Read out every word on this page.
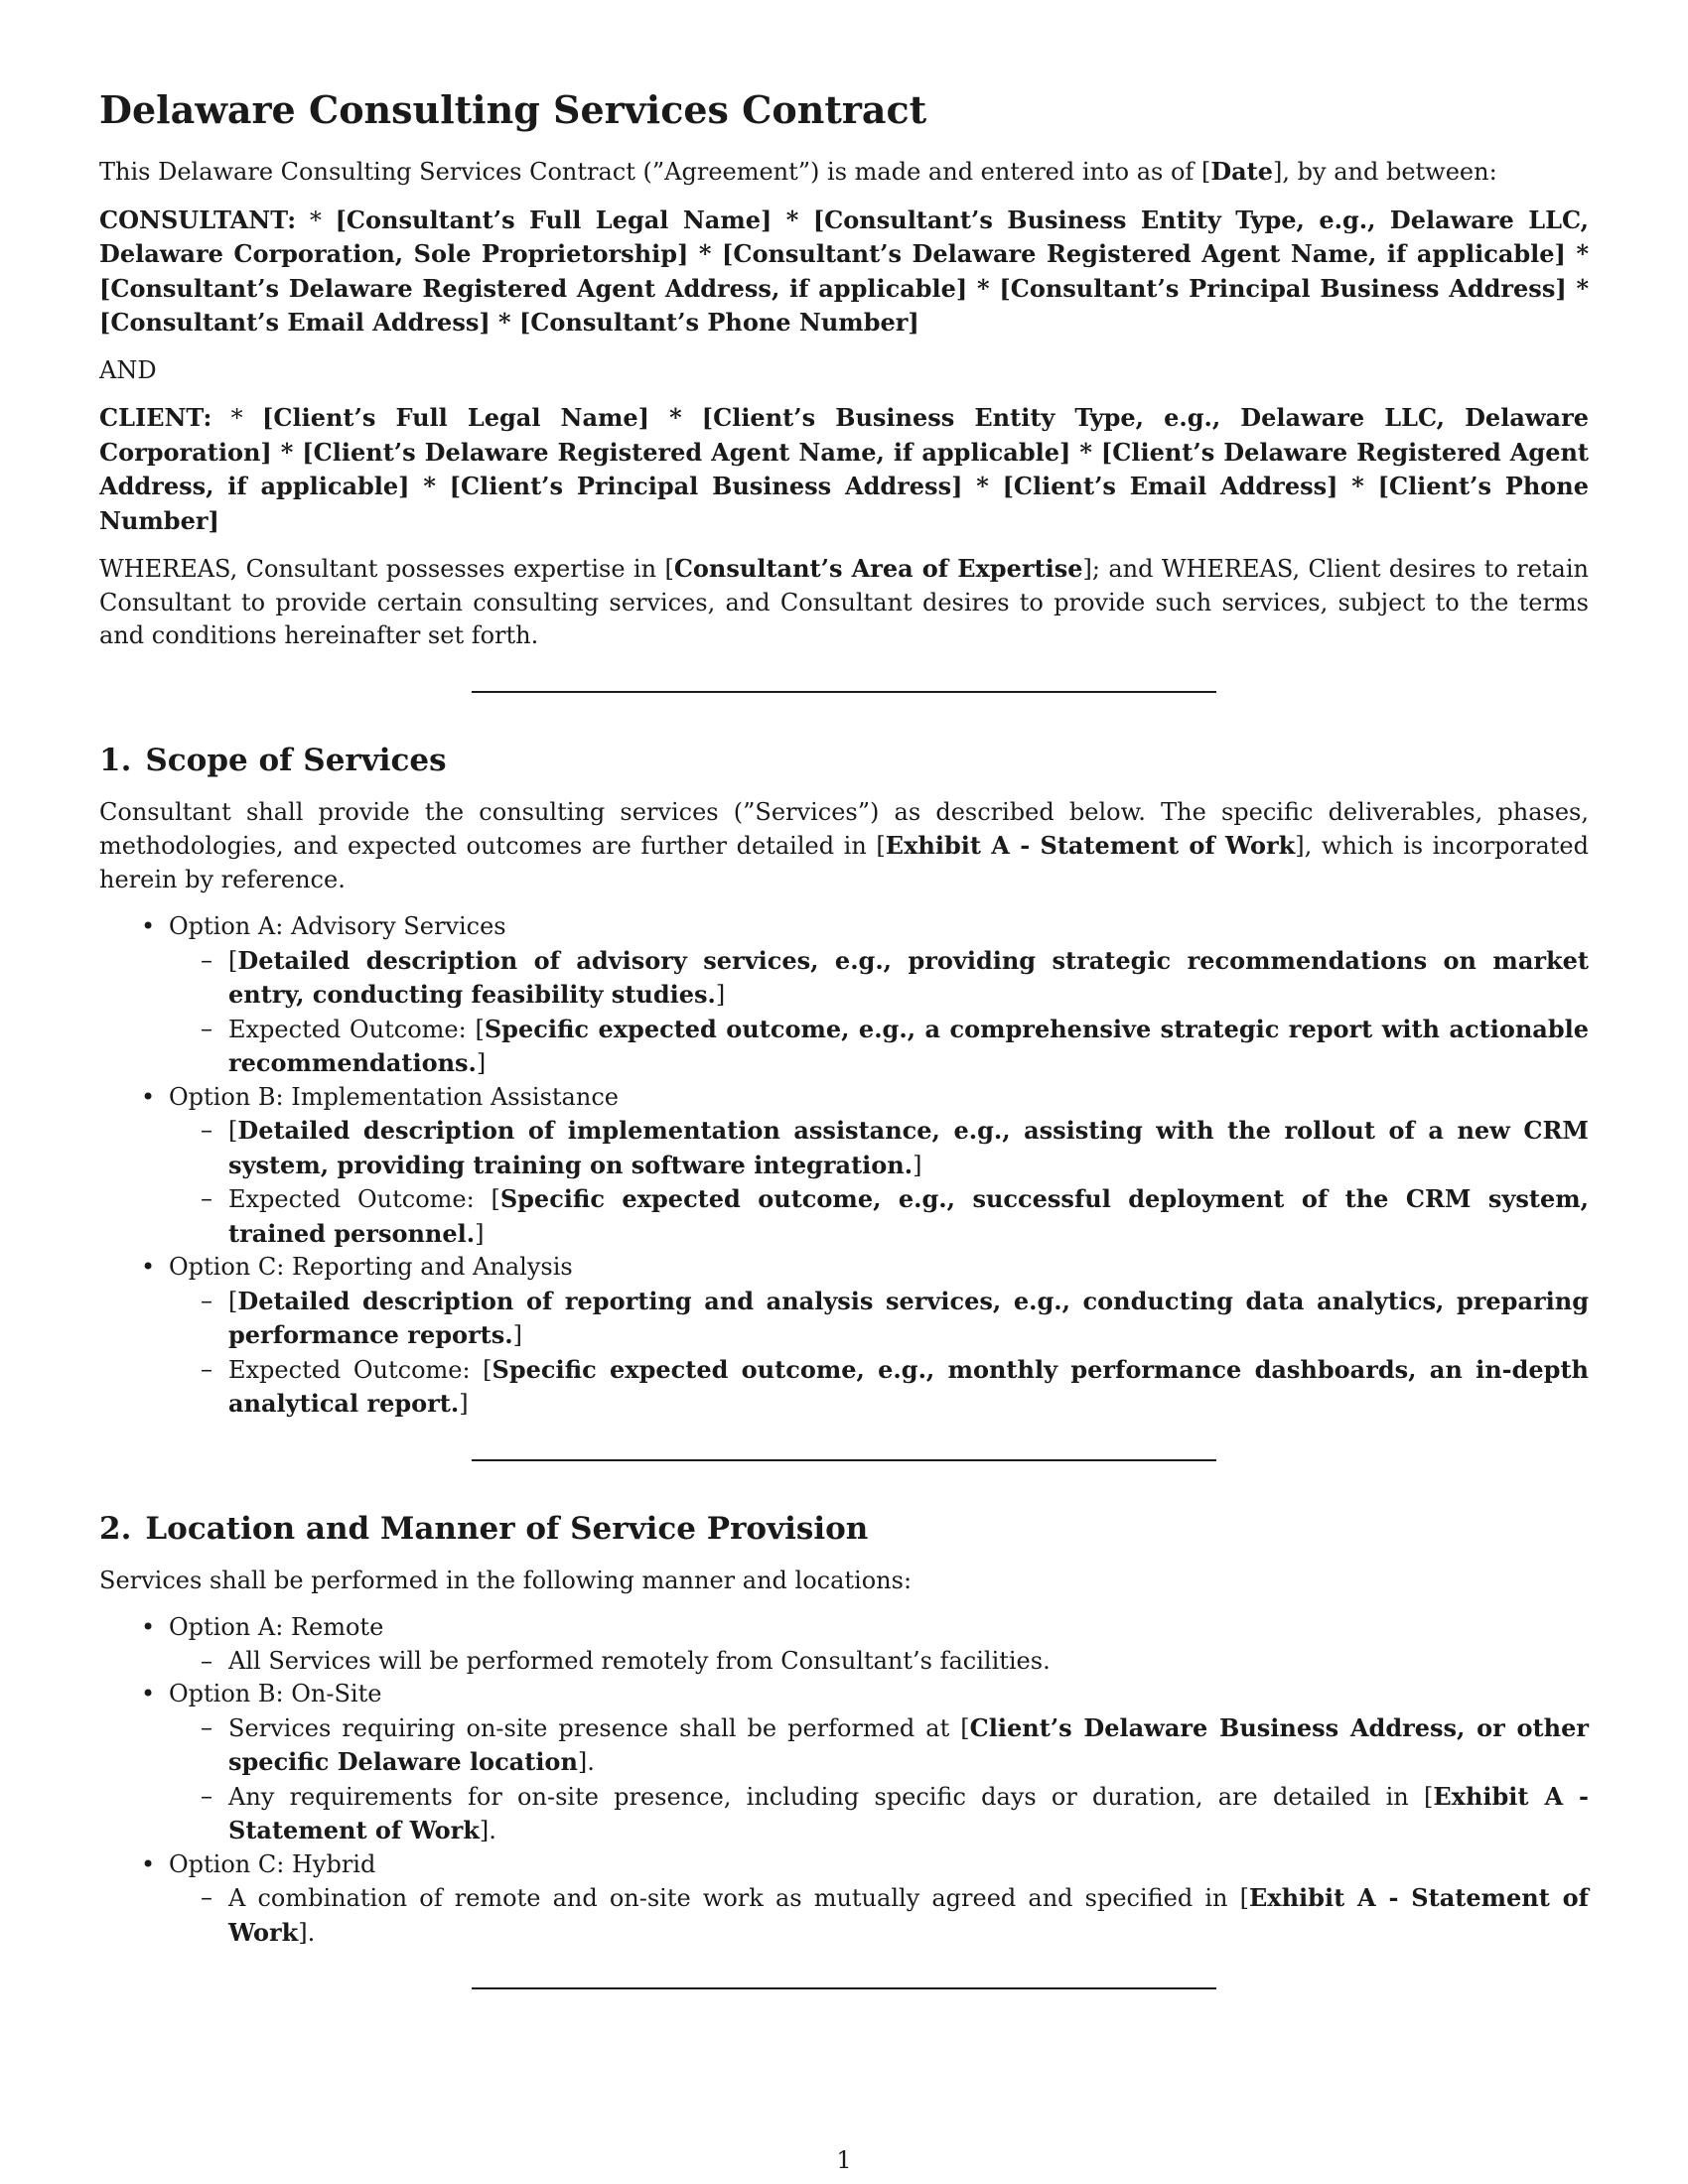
Delaware Consulting Services Contract

This Delaware Consulting Services Contract (”Agreement”) is made and entered into as of [Date], by and between:

CONSULTANT: * [Consultant’s Full Legal Name] * [Consultant’s Business Entity Type, e.g., Delaware LLC, Delaware Corporation, Sole Proprietorship] * [Consultant’s Delaware Registered Agent Name, if applicable] * [Consultant’s Delaware Registered Agent Address, if applicable] * [Consultant’s Principal Business Address] * [Consultant’s Email Address] * [Consultant’s Phone Number]

AND

CLIENT: * [Client’s Full Legal Name] * [Client’s Business Entity Type, e.g., Delaware LLC, Delaware Corporation] * [Client’s Delaware Registered Agent Name, if applicable] * [Client’s Delaware Registered Agent Address, if applicable] * [Client’s Principal Business Address] * [Client’s Email Address] * [Client’s Phone Number]

WHEREAS, Consultant possesses expertise in [Consultant’s Area of Expertise]; and WHEREAS, Client desires to retain Consultant to provide certain consulting services, and Consultant desires to provide such services, subject to the terms and conditions hereinafter set forth.

1. Scope of Services

Consultant shall provide the consulting services (”Services”) as described below. The specific deliverables, phases, methodologies, and expected outcomes are further detailed in [Exhibit A - Statement of Work], which is incorporated herein by reference.

• Option A: Advisory Services
– [Detailed description of advisory services, e.g., providing strategic recommendations on market entry, conducting feasibility studies.]
– Expected Outcome: [Specific expected outcome, e.g., a comprehensive strategic report with actionable recommendations.]
• Option B: Implementation Assistance
– [Detailed description of implementation assistance, e.g., assisting with the rollout of a new CRM system, providing training on software integration.]
– Expected Outcome: [Specific expected outcome, e.g., successful deployment of the CRM system, trained personnel.]
• Option C: Reporting and Analysis
– [Detailed description of reporting and analysis services, e.g., conducting data analytics, preparing performance reports.]
– Expected Outcome: [Specific expected outcome, e.g., monthly performance dashboards, an in-depth analytical report.]
2. Location and Manner of Service Provision

Services shall be performed in the following manner and locations:

• Option A: Remote
– All Services will be performed remotely from Consultant’s facilities.
• Option B: On-Site
– Services requiring on-site presence shall be performed at [Client’s Delaware Business Address, or other specific Delaware location].
– Any requirements for on-site presence, including specific days or duration, are detailed in [Exhibit A - Statement of Work].
• Option C: Hybrid
– A combination of remote and on-site work as mutually agreed and specified in [Exhibit A - Statement of Work].
1
